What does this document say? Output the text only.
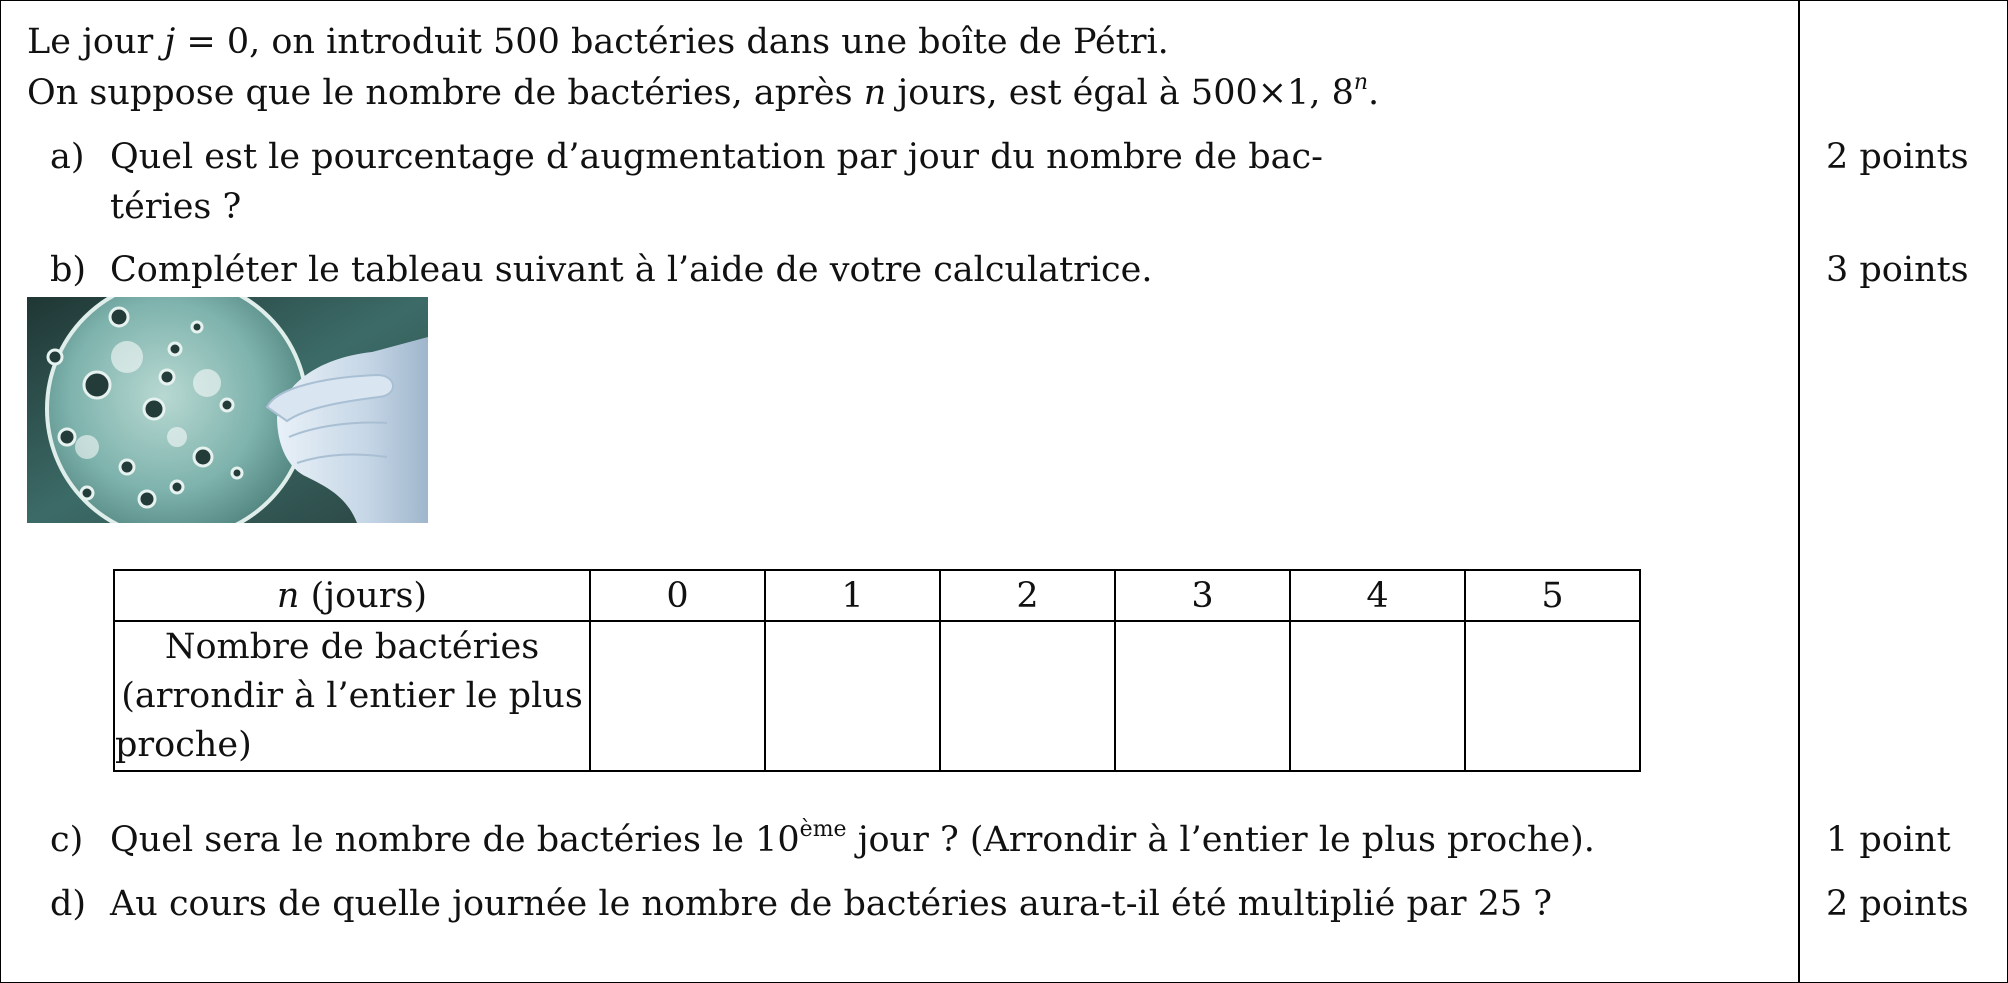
Le jour j = 0, on introduit 500 bactéries dans une boîte de Pétri.
On suppose que le nombre de bactéries, après n jours, est égal à 500×1, 8$^n$.
a) Quel est le pourcentage d’augmentation par jour du nombre de bac-
téries ?
2 points
b) Compléter le tableau suivant à l’aide de votre calculatrice.	3 points
n (jours)	0	1	2	3	4	5
Nombre de bactéries (arrondir à l’entier le plus proche)						
c) Quel sera le nombre de bactéries le 10ème jour ? (Arrondir à l’entier le plus proche).	1 point
d) Au cours de quelle journée le nombre de bactéries aura-t-il été multiplié par 25 ?	2 points
